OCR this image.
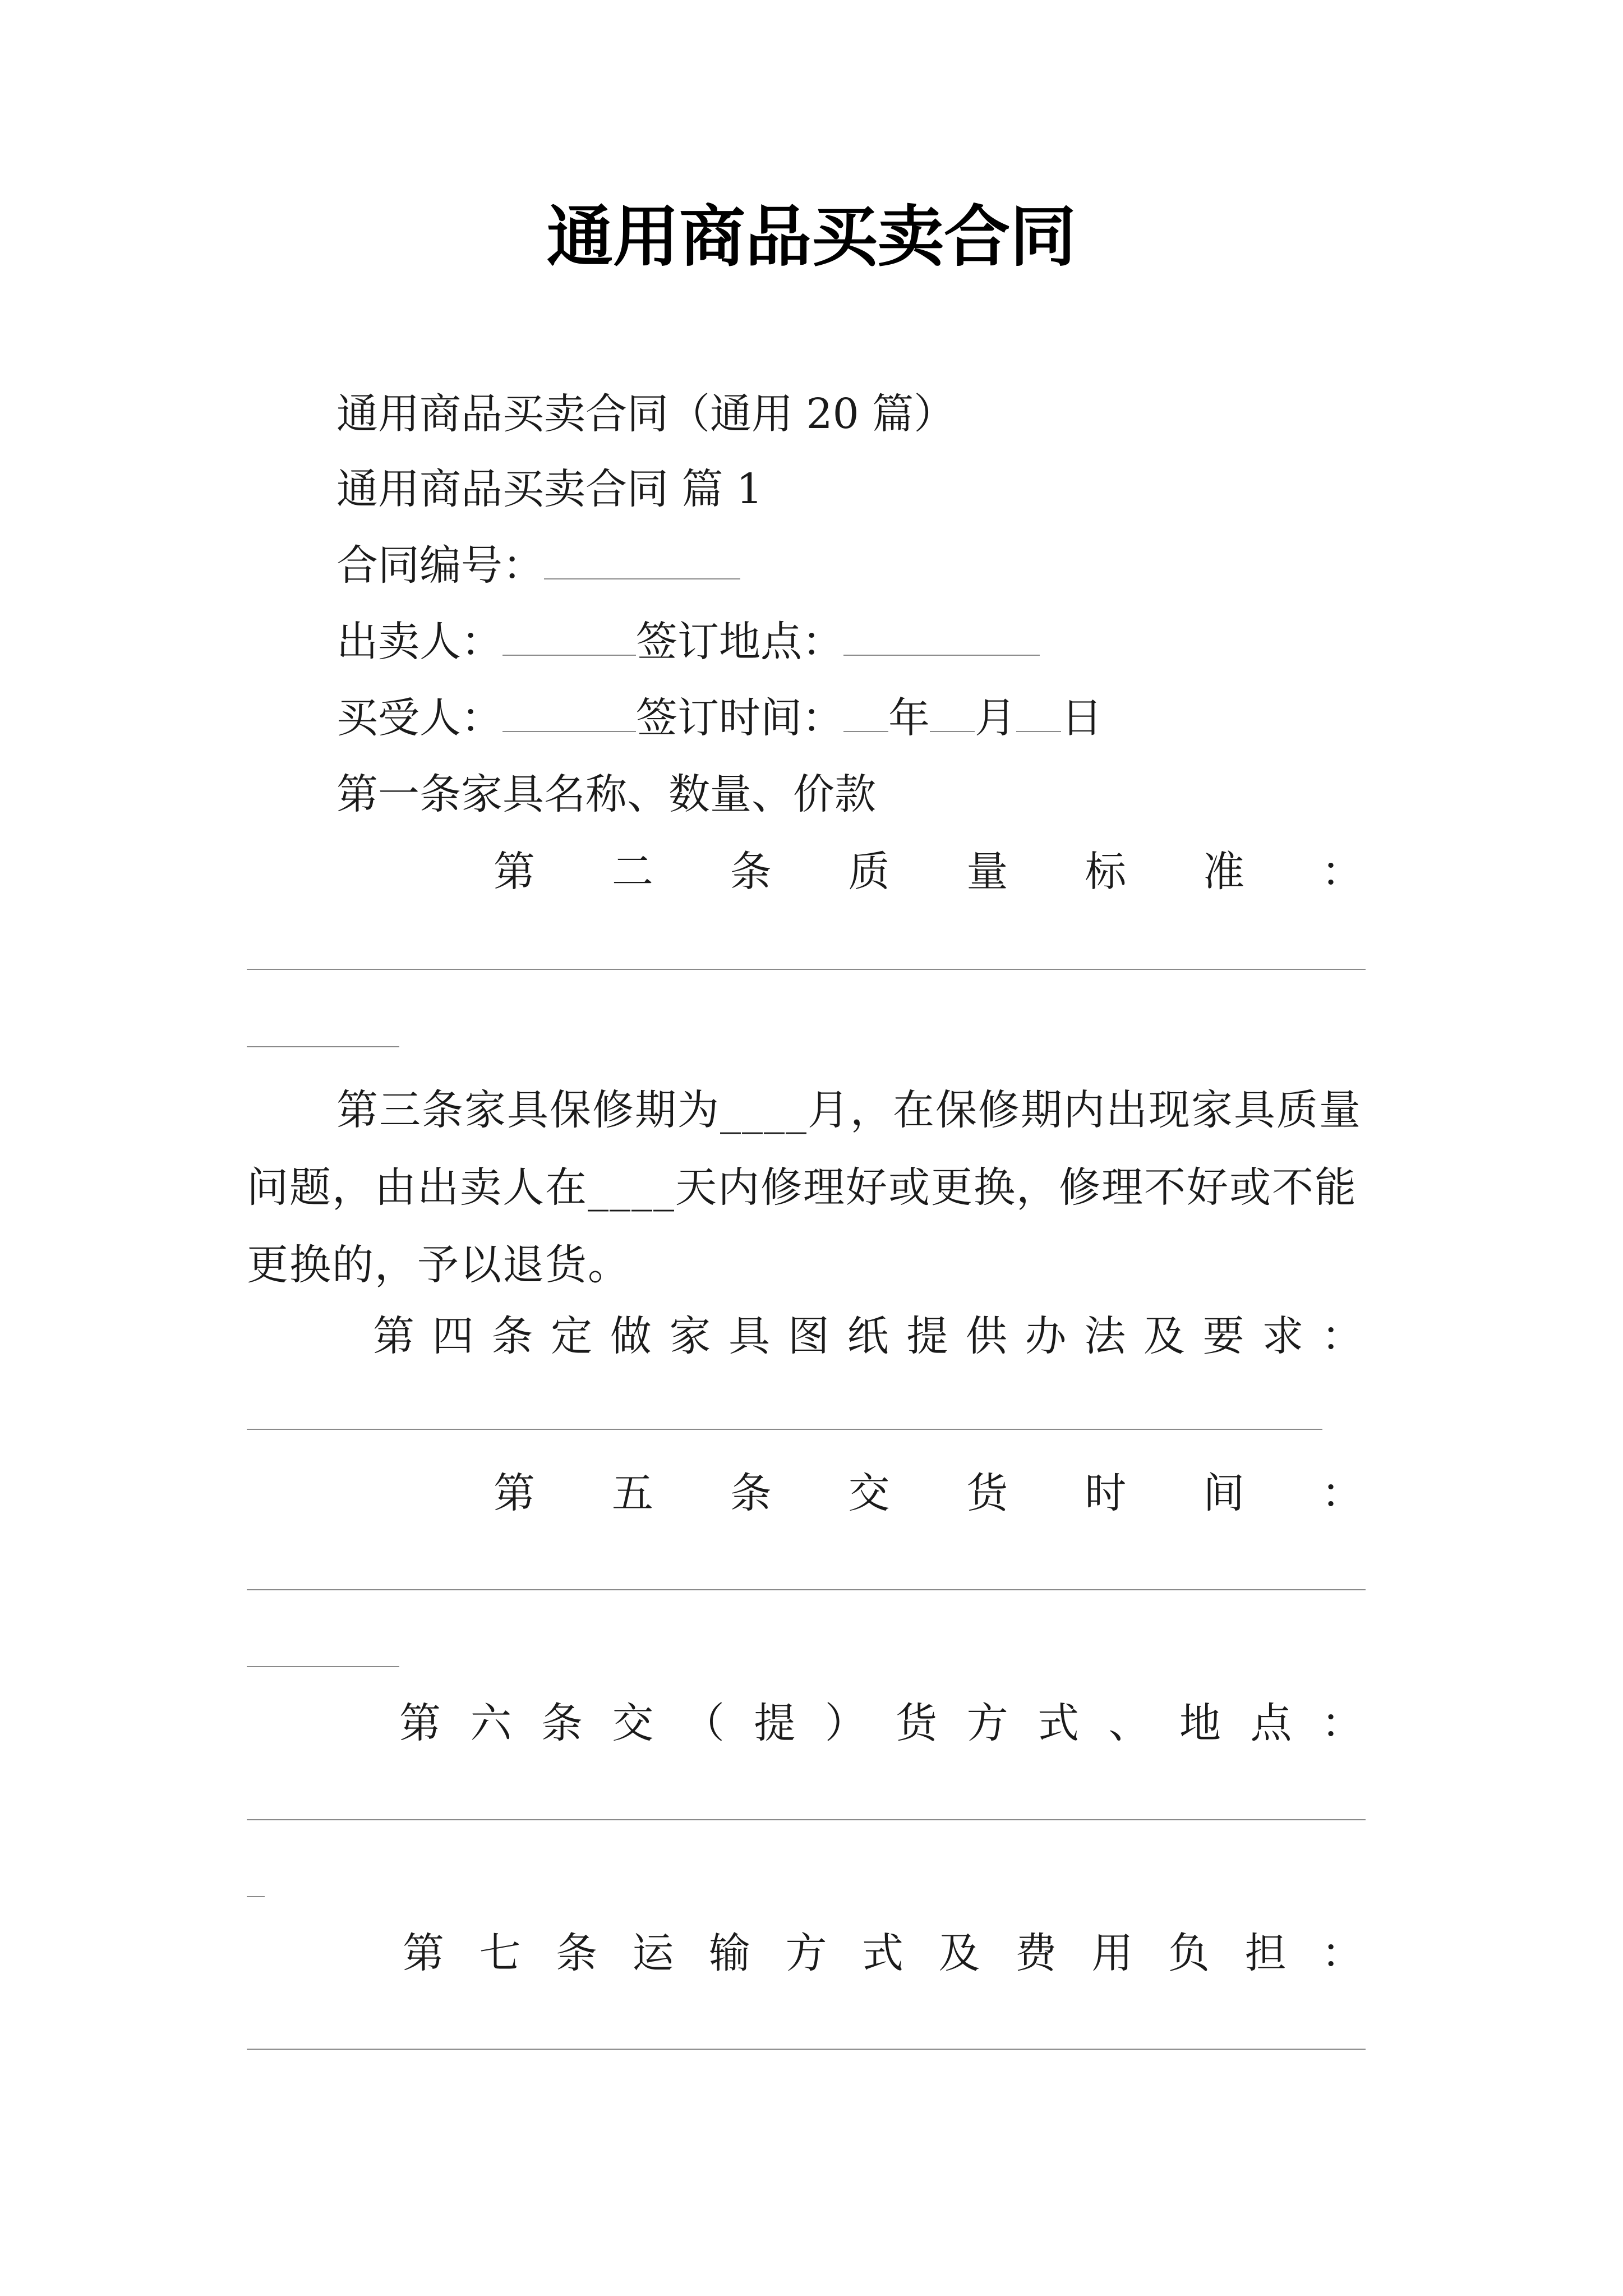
通用商品买卖合同
通用商品买卖合同（通用 20 篇）
通用商品买卖合同 篇 1
合同编号：
出卖人：	签订地点：
买受人：	签订时间： 年 月 日
第一条家具名称、数量、价款
第 二 条 质 量 标 准 ：
第三条家具保修期为____月，在保修期内出现家具质量问题，由出卖人在____天内修理好或更换，修理不好或不能更换的，予以退货。
第 四 条 定 做 家 具 图 纸 提 供 办 法 及 要 求 ：
第 五 条 交 货 时 间 ：
第 六 条 交 （ 提 ） 货 方 式 、 地 点 ：
第 七 条 运 输 方 式 及 费 用 负 担 ：
